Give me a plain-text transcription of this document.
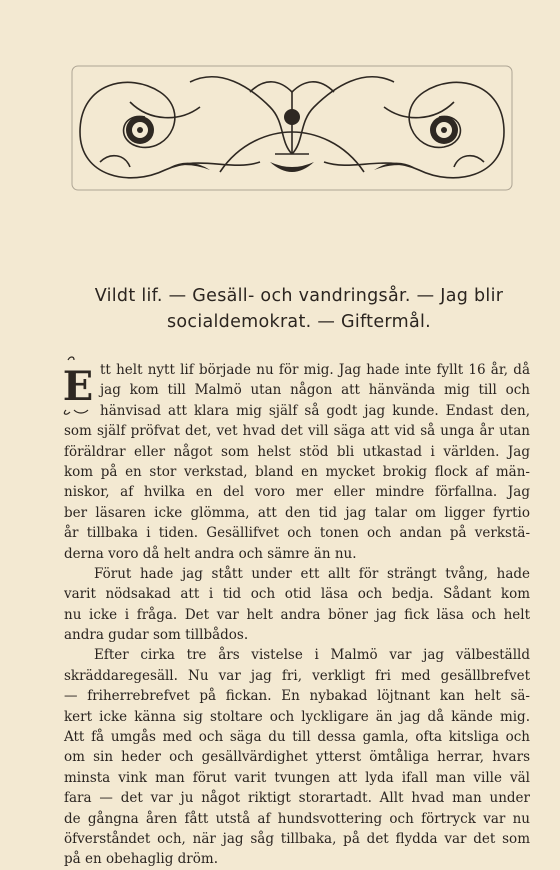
Vildt lif. — Gesäll- och vandringsår. — Jag blir
socialdemokrat. — Giftermål.
E tt helt nytt lif började nu för mig. Jag hade inte fyllt 16 år, då
jag kom till Malmö utan någon att hänvända mig till och
hänvisad att klara mig själf så godt jag kunde. Endast den,
som själf pröfvat det, vet hvad det vill säga att vid så unga år utan
föräldrar eller något som helst stöd bli utkastad i världen. Jag
kom på en stor verkstad, bland en mycket brokig flock af män-
niskor, af hvilka en del voro mer eller mindre förfallna. Jag
ber läsaren icke glömma, att den tid jag talar om ligger fyrtio
år tillbaka i tiden. Gesällifvet och tonen och andan på verkstä-
derna voro då helt andra och sämre än nu.
Förut hade jag stått under ett allt för strängt tvång, hade
varit nödsakad att i tid och otid läsa och bedja. Sådant kom
nu icke i fråga. Det var helt andra böner jag fick läsa och helt
andra gudar som tillbådos.
Efter cirka tre års vistelse i Malmö var jag välbeställd
skräddaregesäll. Nu var jag fri, verkligt fri med gesällbrefvet
— friherrebrefvet på fickan. En nybakad löjtnant kan helt sä-
kert icke känna sig stoltare och lyckligare än jag då kände mig.
Att få umgås med och säga du till dessa gamla, ofta kitsliga och
om sin heder och gesällvärdighet ytterst ömtåliga herrar, hvars
minsta vink man förut varit tvungen att lyda ifall man ville väl
fara — det var ju något riktigt storartadt. Allt hvad man under
de gångna åren fått utstå af hundsvottering och förtryck var nu
öfverståndet och, när jag såg tillbaka, på det flydda var det som
på en obehaglig dröm.
